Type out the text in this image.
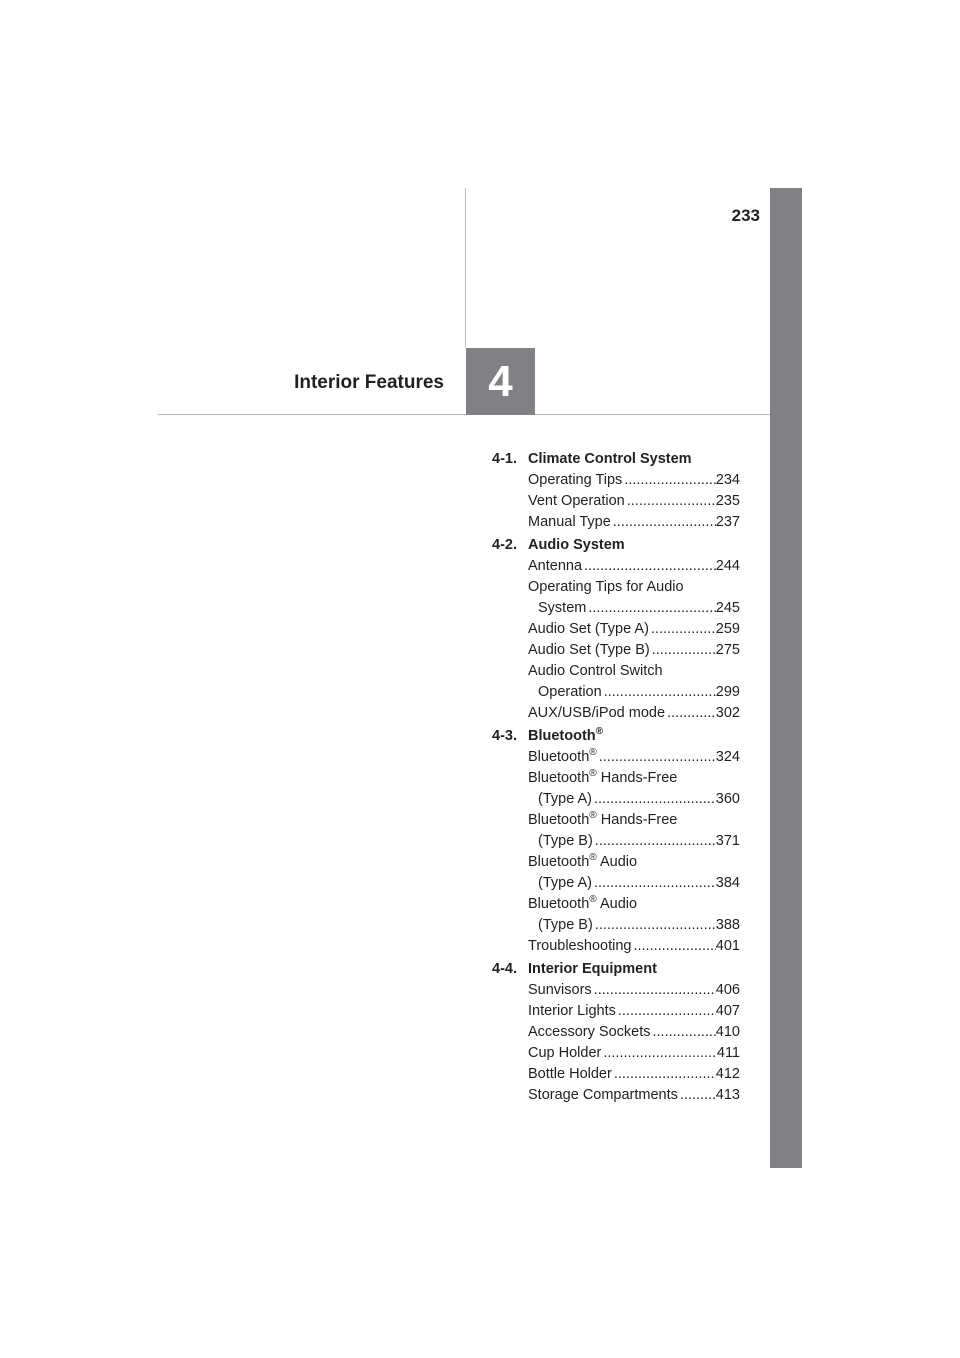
233
Interior Features 4
4-1. Climate Control System
Operating Tips .....	234
Vent Operation .....	235
Manual Type .....	237
4-2. Audio System
Antenna .....	244
Operating Tips for Audio
System .....	245
Audio Set (Type A) .....	259
Audio Set (Type B) .....	275
Audio Control Switch
Operation .....	299
AUX/USB/iPod mode .....	302
4-3. Bluetooth®
Bluetooth® .....	324
Bluetooth® Hands-Free
(Type A) .....	360
Bluetooth® Hands-Free
(Type B) .....	371
Bluetooth® Audio
(Type A) .....	384
Bluetooth® Audio
(Type B) .....	388
Troubleshooting .....	401
4-4. Interior Equipment
Sunvisors .....	406
Interior Lights .....	407
Accessory Sockets .....	410
Cup Holder .....	411
Bottle Holder .....	412
Storage Compartments .....	413
